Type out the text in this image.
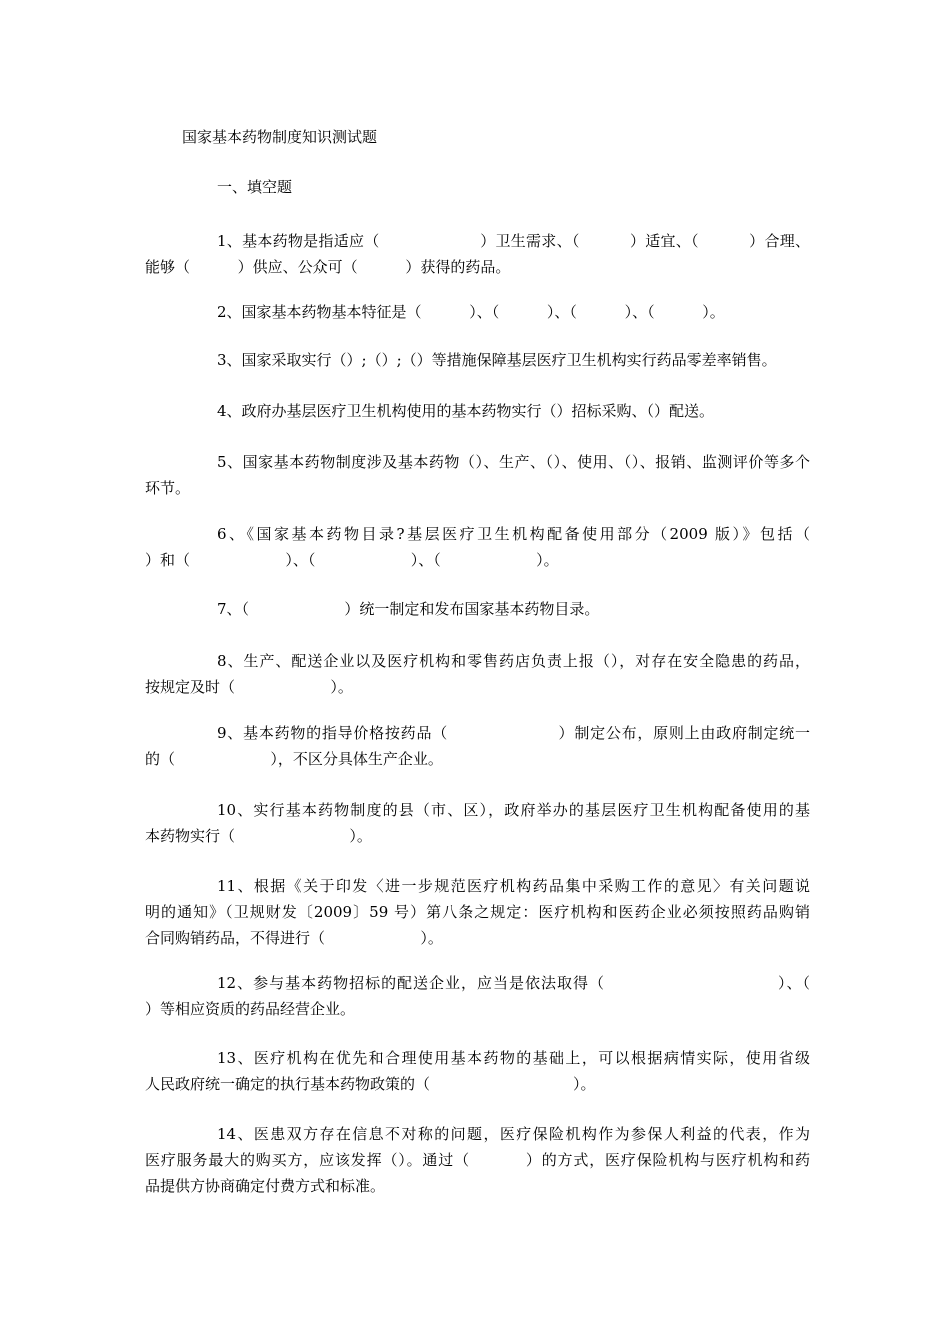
国家基本药物制度知识测试题
一、填空题
1、基本药物是指适应（                    ）卫生需求、（          ）适宜、（          ）合理、
能够（          ）供应、公众可（          ）获得的药品。
2、国家基本药物基本特征是（          ）、（          ）、（          ）、（          ）。
3、国家采取实行（）;（）;（）等措施保障基层医疗卫生机构实行药品零差率销售。
4、政府办基层医疗卫生机构使用的基本药物实行（）招标采购、（）配送。
5、国家基本药物制度涉及基本药物（）、生产、（）、使用、（）、报销、监测评价等多个
环节。
6、《国家基本药物目录?基层医疗卫生机构配备使用部分（2009 版）》包括（
）和（                    ）、（                    ）、（                    ）。
7、（                    ）统一制定和发布国家基本药物目录。
8、生产、配送企业以及医疗机构和零售药店负责上报（），对存在安全隐患的药品，
按规定及时（                    ）。
9、基本药物的指导价格按药品（                    ）制定公布，原则上由政府制定统一
的（                    ），不区分具体生产企业。
10、实行基本药物制度的县（市、区），政府举办的基层医疗卫生机构配备使用的基
本药物实行（                        ）。
11、根据《关于印发〈进一步规范医疗机构药品集中采购工作的意见〉有关问题说
明的通知》（卫规财发〔2009〕59 号）第八条之规定：医疗机构和医药企业必须按照药品购销
合同购销药品，不得进行（                    ）。
12、参与基本药物招标的配送企业，应当是依法取得（                              ）、（
）等相应资质的药品经营企业。
13、医疗机构在优先和合理使用基本药物的基础上，可以根据病情实际，使用省级
人民政府统一确定的执行基本药物政策的（                              ）。
14、医患双方存在信息不对称的问题，医疗保险机构作为参保人利益的代表，作为
医疗服务最大的购买方，应该发挥（）。通过（          ）的方式，医疗保险机构与医疗机构和药
品提供方协商确定付费方式和标准。
